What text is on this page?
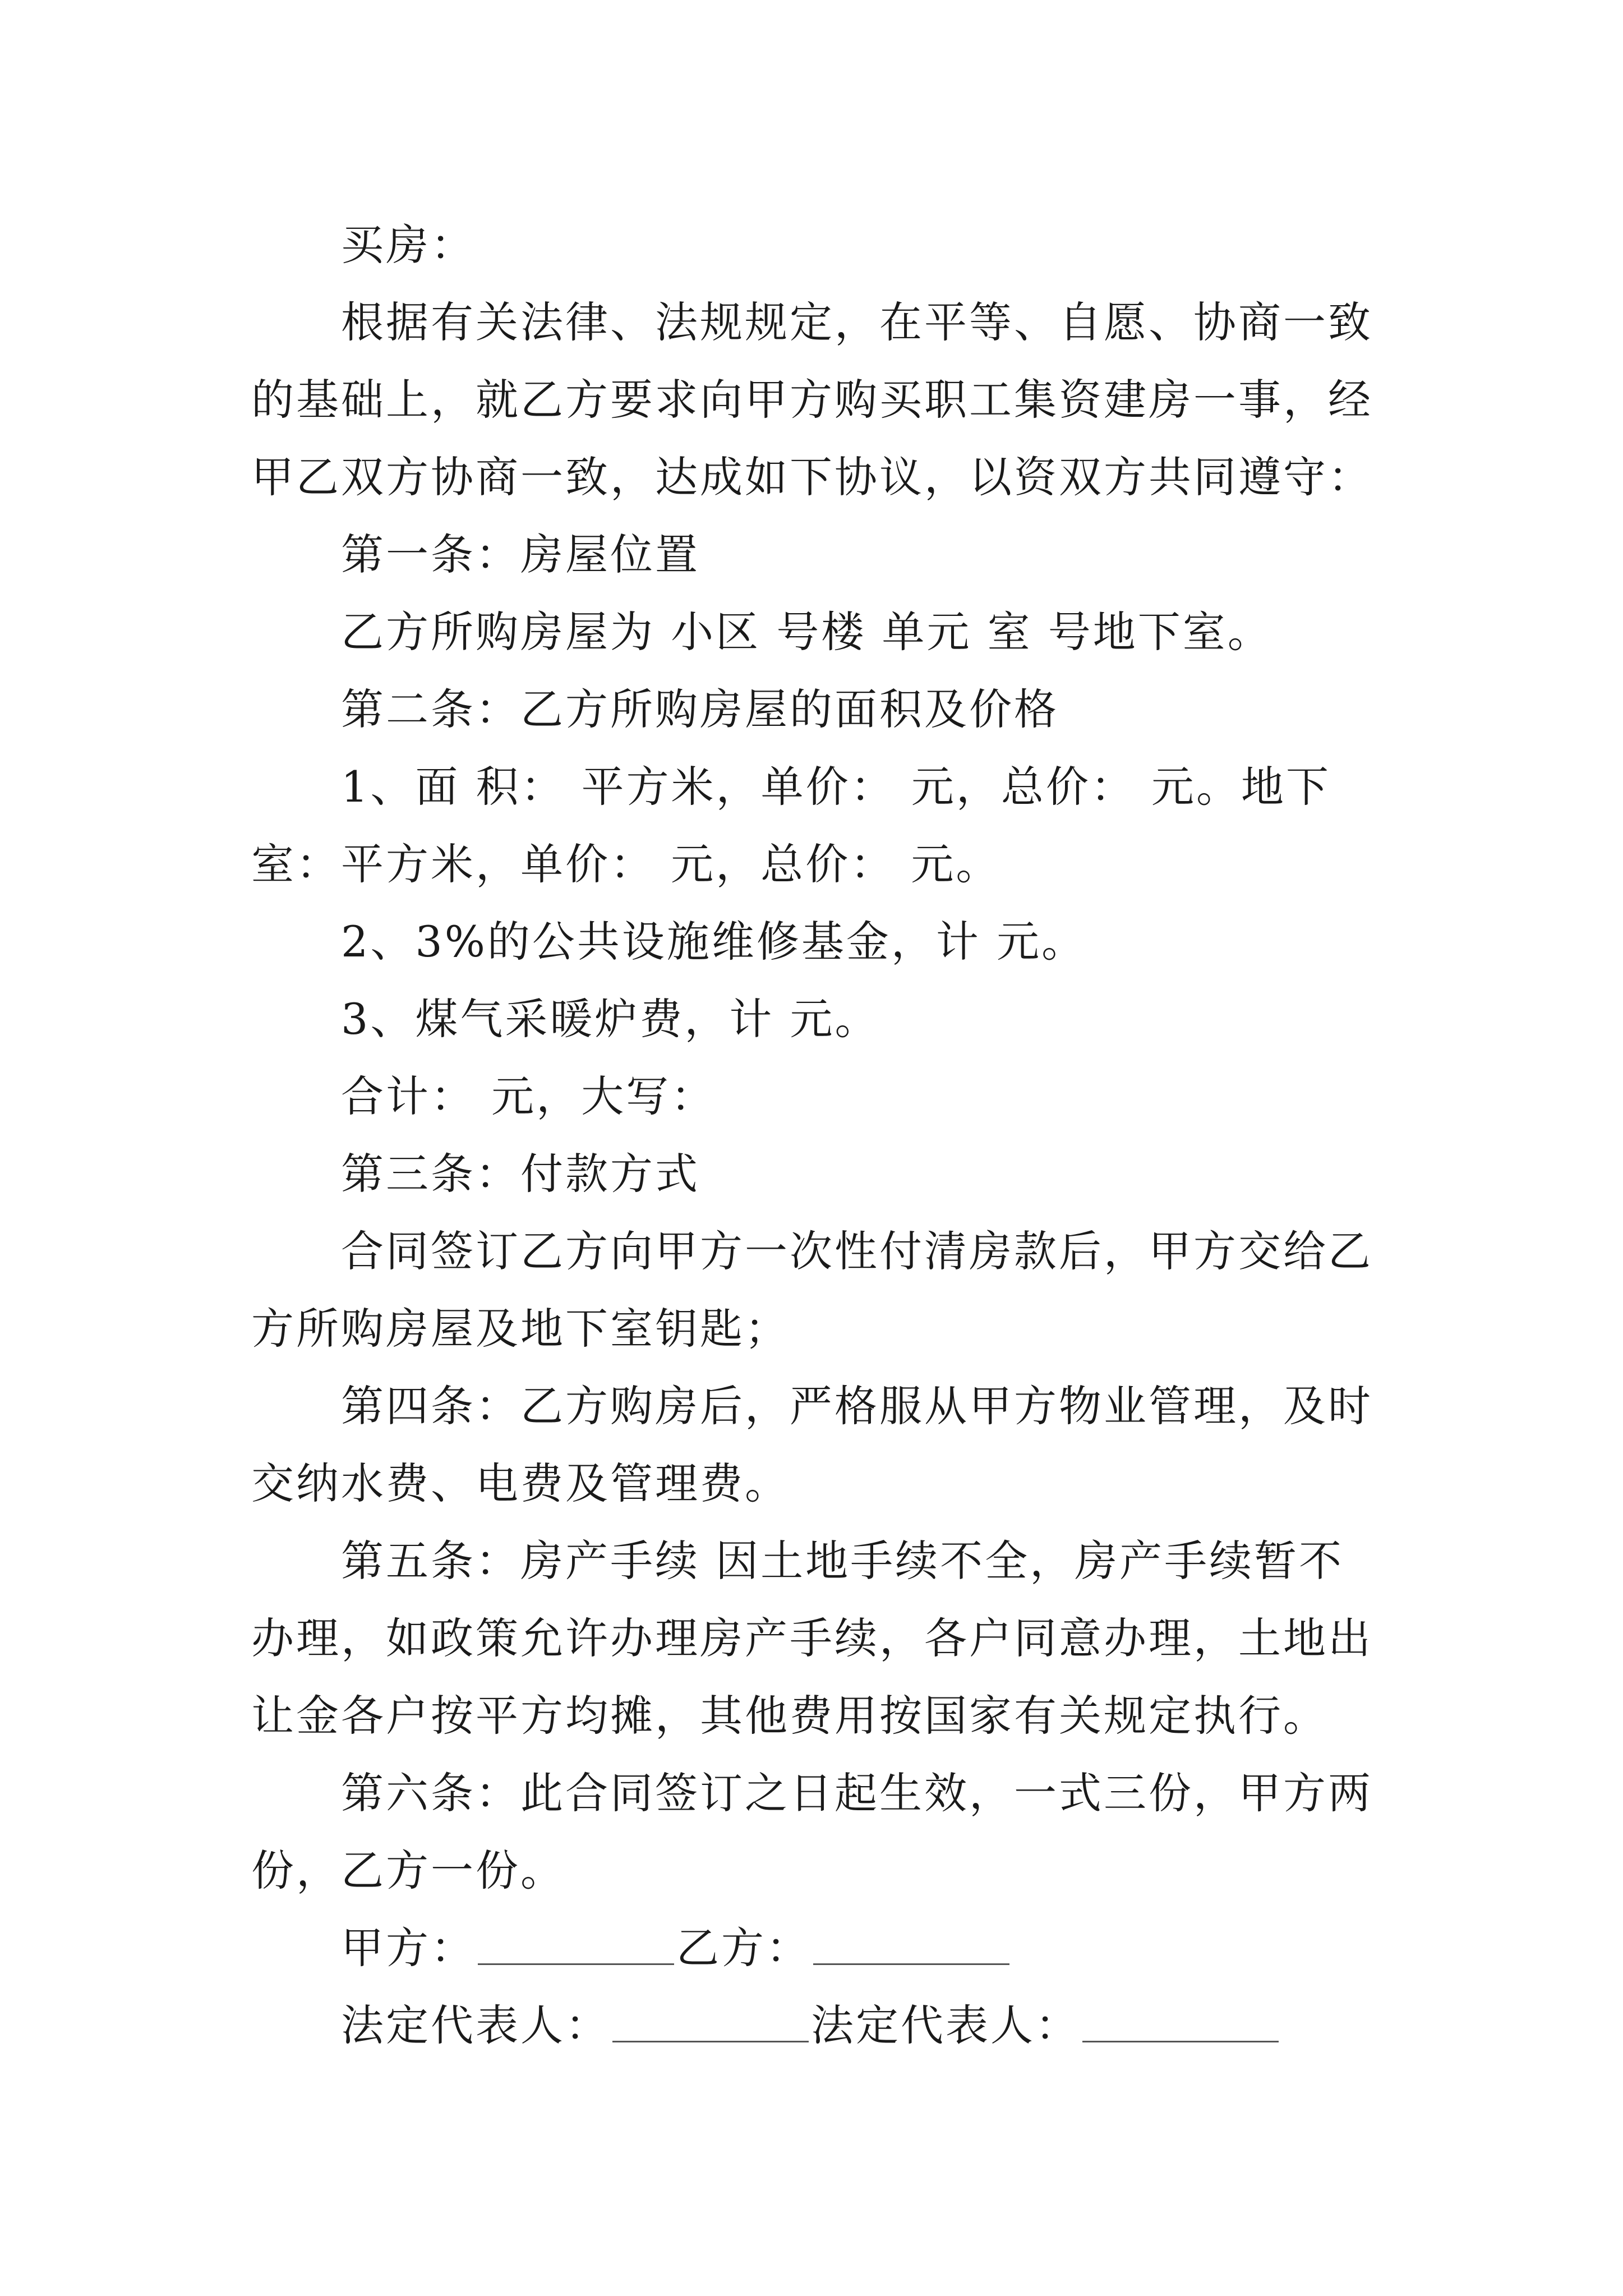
买房：

根据有关法律、法规规定，在平等、自愿、协商一致的基础上，就乙方要求向甲方购买职工集资建房一事，经甲乙双方协商一致，达成如下协议，以资双方共同遵守：

第一条：房屋位置

乙方所购房屋为 小区 号楼 单元 室 号地下室。

第二条：乙方所购房屋的面积及价格

1、面 积： 平方米，单价： 元，总价： 元。地下室：平方米，单价： 元，总价： 元。

2、3%的公共设施维修基金，计 元。

3、煤气采暖炉费，计 元。

合计： 元，大写：

第三条：付款方式

合同签订乙方向甲方一次性付清房款后，甲方交给乙方所购房屋及地下室钥匙；

第四条：乙方购房后，严格服从甲方物业管理，及时交纳水费、电费及管理费。

第五条：房产手续 因土地手续不全，房产手续暂不办理，如政策允许办理房产手续，各户同意办理，土地出让金各户按平方均摊，其他费用按国家有关规定执行。

第六条：此合同签订之日起生效，一式三份，甲方两份，乙方一份。

甲方：	乙方：

法定代表人：	法定代表人：
